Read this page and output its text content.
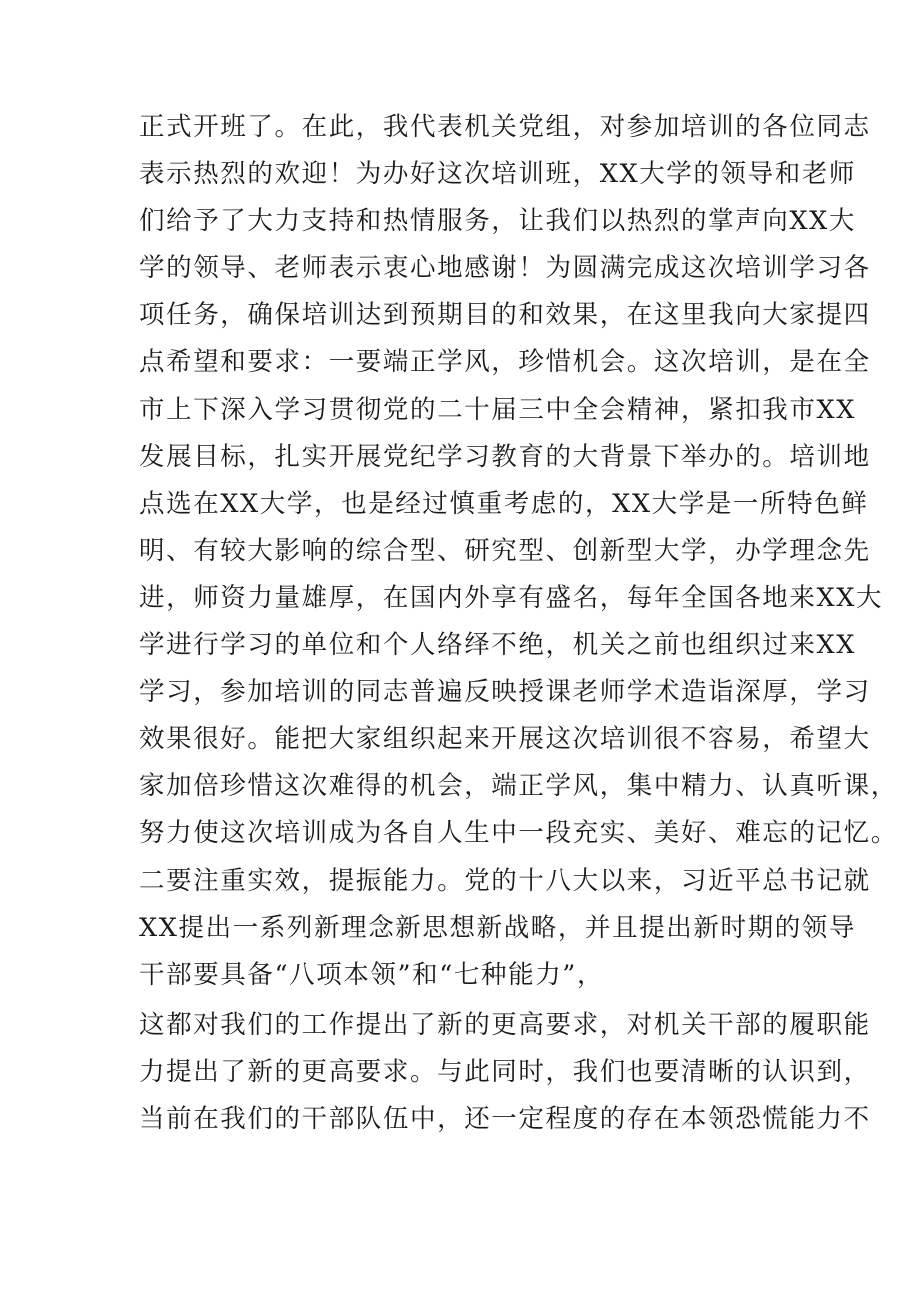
正式开班了。在此，我代表机关党组，对参加培训的各位同志
表示热烈的欢迎！为办好这次培训班，XX大学的领导和老师
们给予了大力支持和热情服务，让我们以热烈的掌声向XX大
学的领导、老师表示衷心地感谢！为圆满完成这次培训学习各
项任务，确保培训达到预期目的和效果，在这里我向大家提四
点希望和要求：一要端正学风，珍惜机会。这次培训，是在全
市上下深入学习贯彻党的二十届三中全会精神，紧扣我市XX
发展目标，扎实开展党纪学习教育的大背景下举办的。培训地
点选在XX大学，也是经过慎重考虑的，XX大学是一所特色鲜
明、有较大影响的综合型、研究型、创新型大学，办学理念先
进，师资力量雄厚，在国内外享有盛名，每年全国各地来XX大
学进行学习的单位和个人络绎不绝，机关之前也组织过来XX
学习，参加培训的同志普遍反映授课老师学术造诣深厚，学习
效果很好。能把大家组织起来开展这次培训很不容易，希望大
家加倍珍惜这次难得的机会，端正学风，集中精力、认真听课，
努力使这次培训成为各自人生中一段充实、美好、难忘的记忆。
二要注重实效，提振能力。党的十八大以来，习近平总书记就
XX提出一系列新理念新思想新战略，并且提出新时期的领导
干部要具备“八项本领”和“七种能力”，
这都对我们的工作提出了新的更高要求，对机关干部的履职能
力提出了新的更高要求。与此同时，我们也要清晰的认识到，
当前在我们的干部队伍中，还一定程度的存在本领恐慌能力不
